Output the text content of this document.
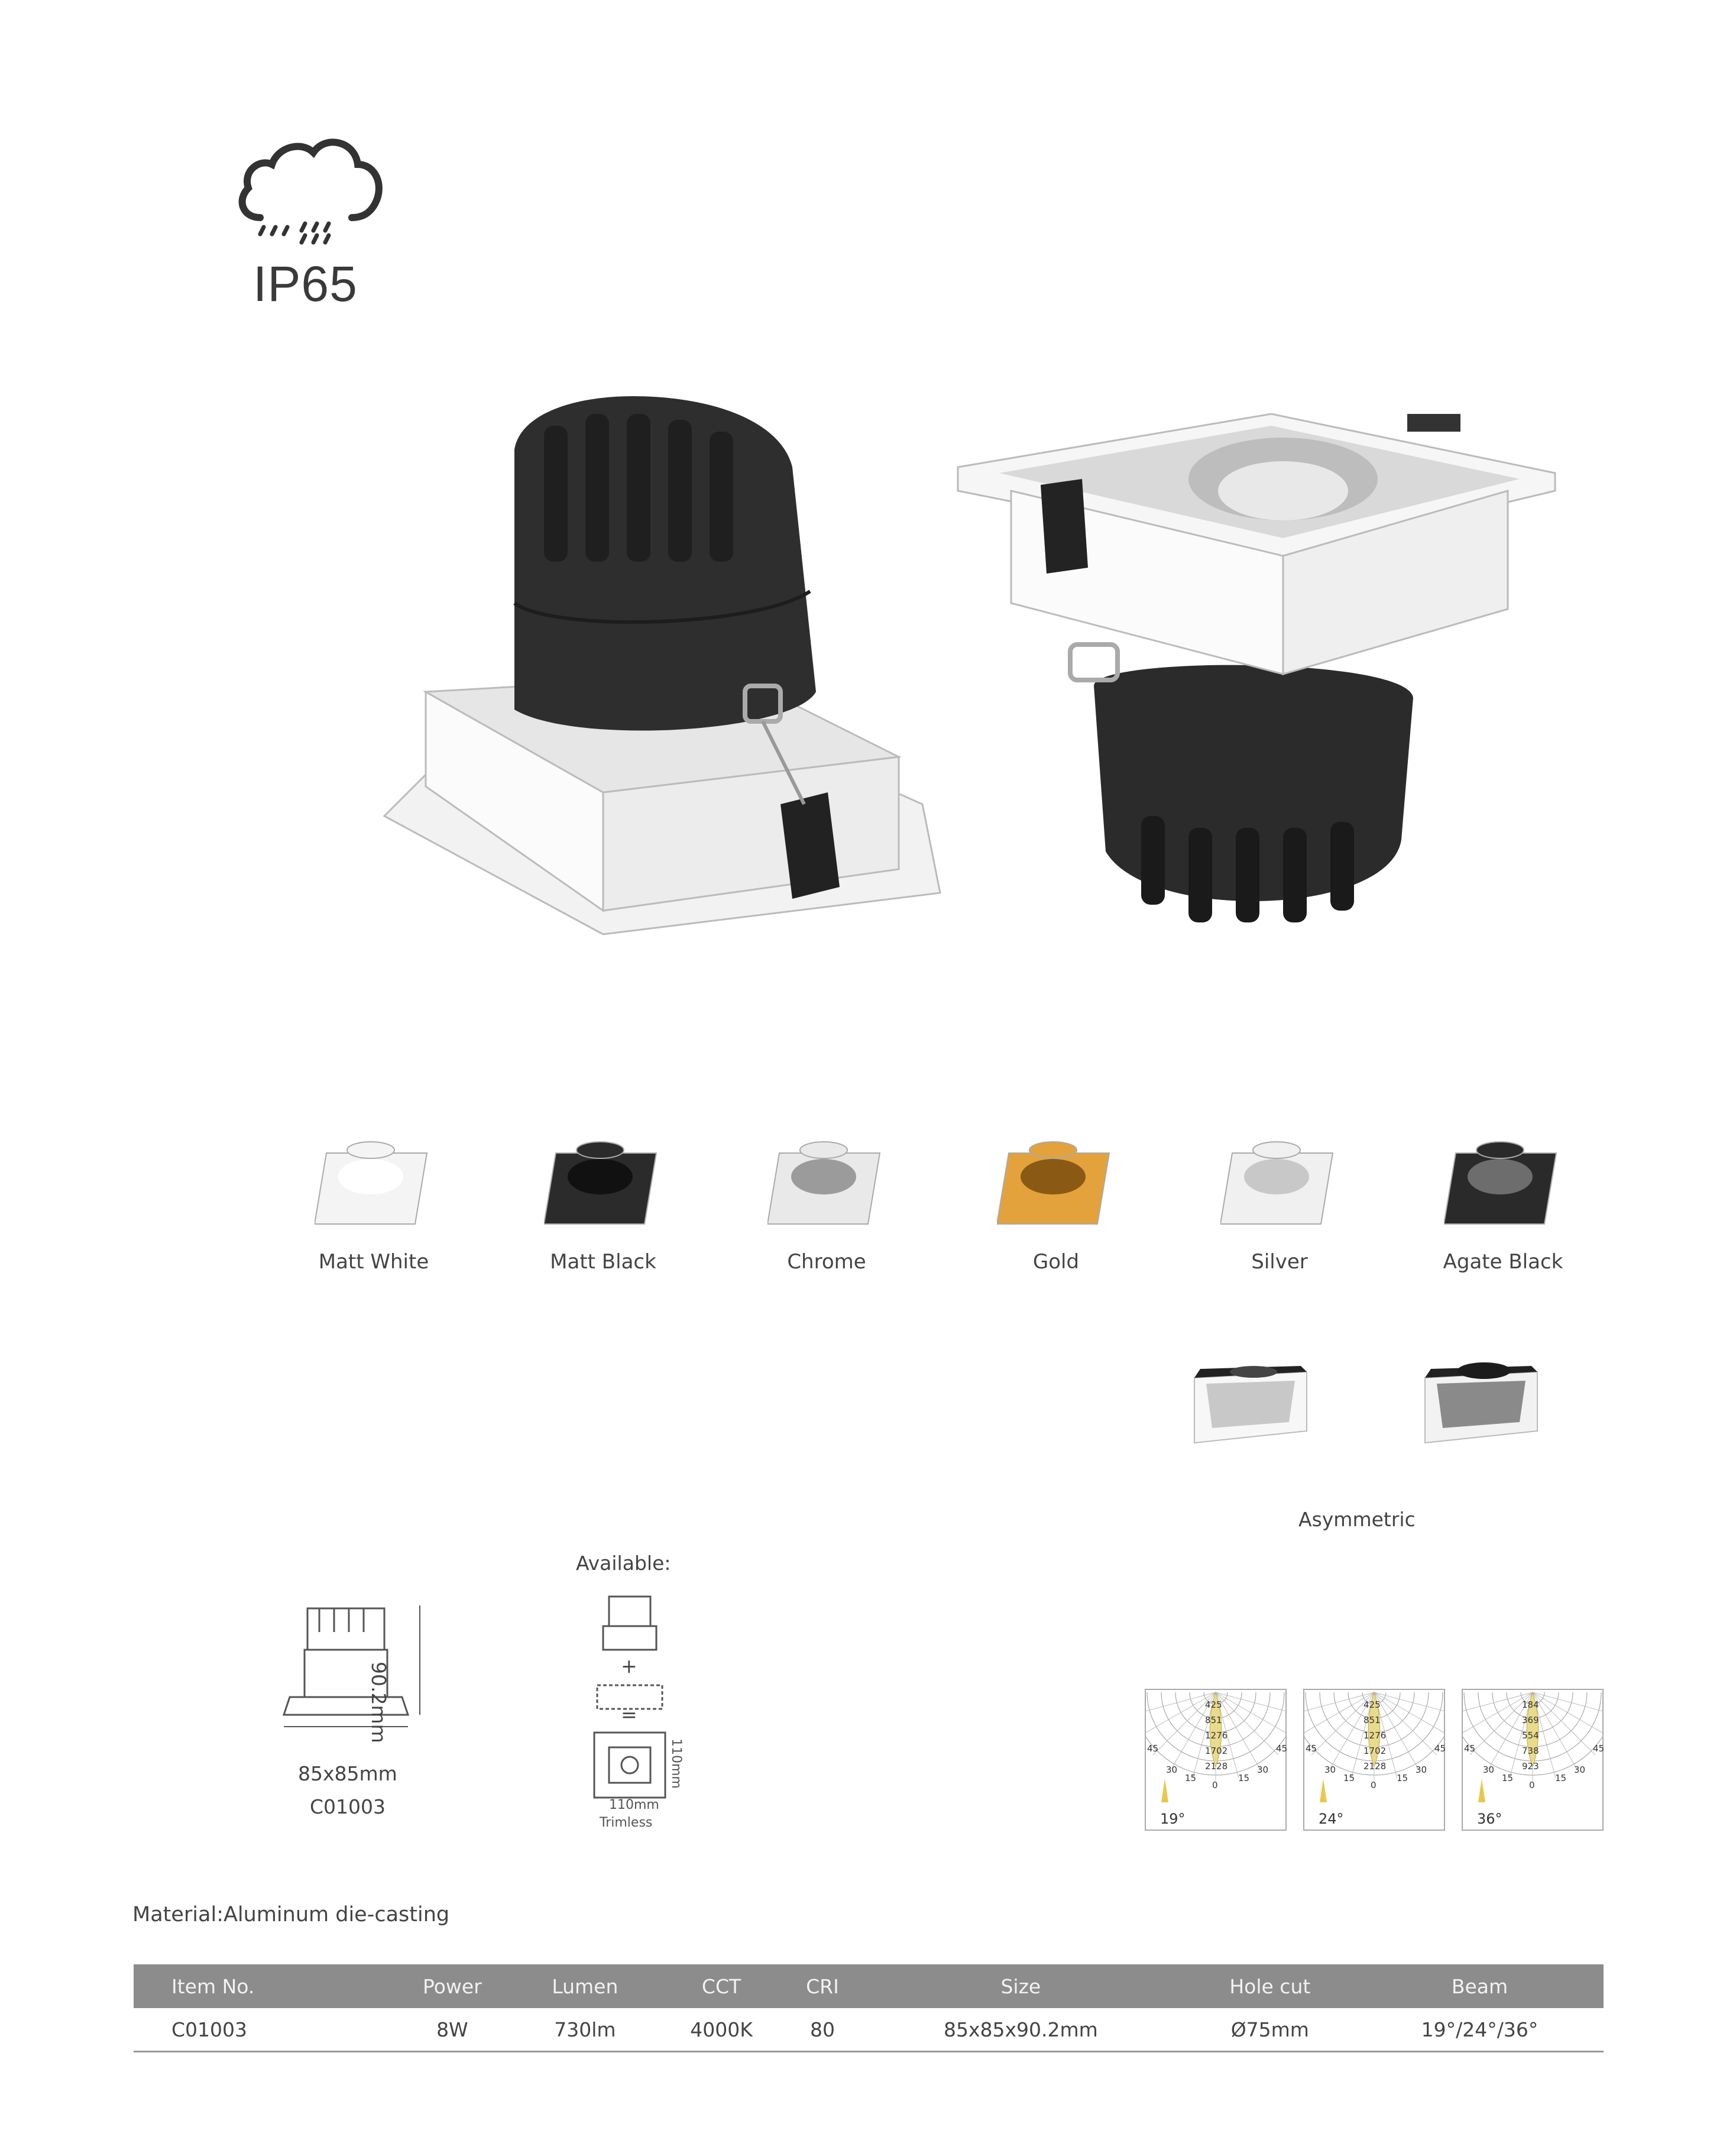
IP65
Matt White	Matt Black	Chrome	Gold	Silver	Agate Black
Asymmetric
90.2mm
85x85mm
C01003
Available:
+
=
110mm
110mm
Trimless
425
851
1276
1702
2128
45
30
15
0
15
30
45
19°
425
851
1276
1702
2128
45
30
15
0
15
30
45
24°
184
369
554
738
923
45
30
15
0
15
30
45
36°
Material:Aluminum die-casting
Item No.	Power	Lumen	CCT	CRI	Size	Hole cut	Beam
C01003	8W	730lm	4000K	80	85x85x90.2mm	Ø75mm	19°/24°/36°
